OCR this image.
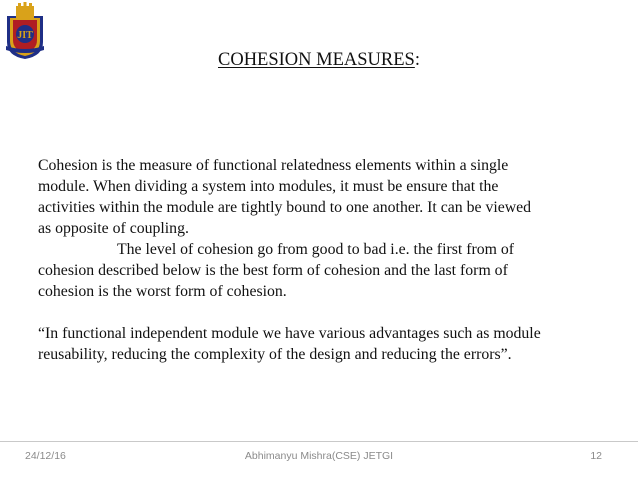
JIT
COHESION MEASURES:
Cohesion is the measure of functional relatedness elements within a single
module. When dividing a system into modules, it must be ensure that the
activities within the module are tightly bound to one another. It can be viewed
as opposite of coupling.
The level of cohesion go from good to bad i.e. the first from of
cohesion described below is the best form of cohesion and the last form of
cohesion is the worst form of cohesion.
“In functional independent module we have various advantages such as module
reusability, reducing the complexity of the design and reducing the errors”.
24/12/16	Abhimanyu Mishra(CSE) JETGI	12
